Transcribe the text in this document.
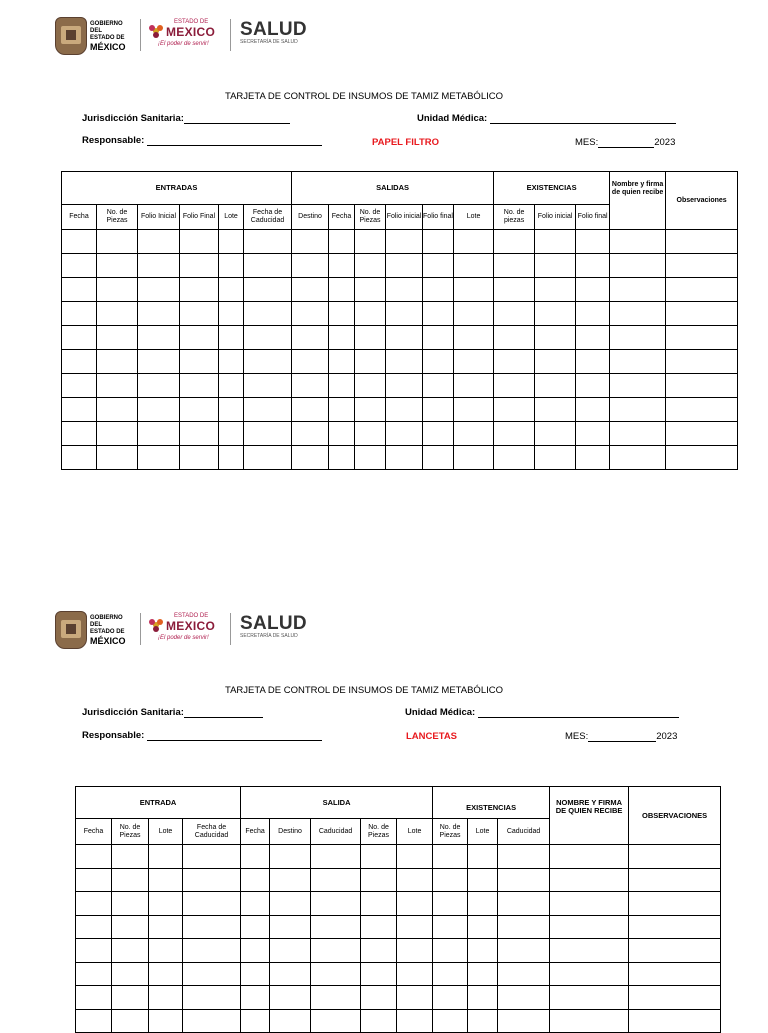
GOBIERNO DEL
ESTADO DE
MÉXICO
ESTADO DE
MEXICO
¡El poder de servir!
SALUD
SECRETARÍA DE SALUD
TARJETA DE CONTROL DE INSUMOS DE TAMIZ METABÓLICO
Jurisdicción Sanitaria:	Unidad Médica:
Responsable:	PAPEL FILTRO	MES:	2023
ENTRADAS						SALIDAS						EXISTENCIAS			Nombre y firma de quien recibe	Observaciones
Fecha	No. de Piezas	Folio Inicial	Folio Final	Lote	Fecha de Caducidad	Destino	Fecha	No. de Piezas	Folio inicial	Folio final	Lote	No. de piezas	Folio inicial	Folio final		

GOBIERNO DEL
ESTADO DE
MÉXICO
ESTADO DE
MEXICO
¡El poder de servir!
SALUD
SECRETARÍA DE SALUD
TARJETA DE CONTROL DE INSUMOS DE TAMIZ METABÓLICO
Jurisdicción Sanitaria:	Unidad Médica:
Responsable:	LANCETAS	MES:	2023
ENTRADA				SALIDA					EXISTENCIAS			NOMBRE Y FIRMA DE QUIEN RECIBE	OBSERVACIONES
Fecha	No. de Piezas	Lote	Fecha de Caducidad	Fecha	Destino	Caducidad	No. de Piezas	Lote	No. de Piezas	Lote	Caducidad		
